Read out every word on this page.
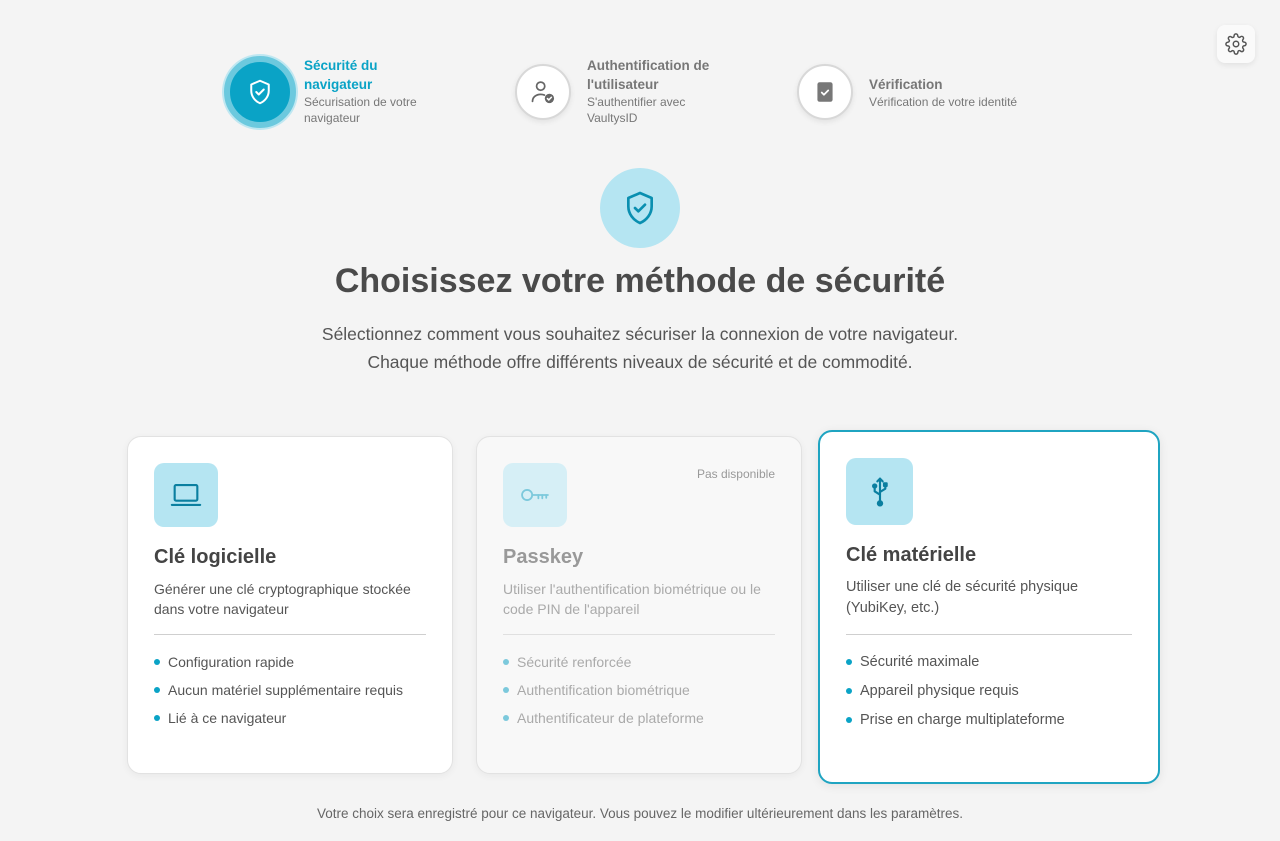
Sécurité du navigateur
Sécurisation de votre navigateur
Authentification de l'utilisateur
S'authentifier avec VaultysID
Vérification
Vérification de votre identité
Choisissez votre méthode de sécurité

Sélectionnez comment vous souhaitez sécuriser la connexion de votre navigateur. Chaque méthode offre différents niveaux de sécurité et de commodité.

Clé logicielle
Générer une clé cryptographique stockée dans votre navigateur
Configuration rapide
Aucun matériel supplémentaire requis
Lié à ce navigateur
Pas disponible
Passkey
Utiliser l'authentification biométrique ou le code PIN de l'appareil
Sécurité renforcée
Authentification biométrique
Authentificateur de plateforme
Clé matérielle
Utiliser une clé de sécurité physique (YubiKey, etc.)
Sécurité maximale
Appareil physique requis
Prise en charge multiplateforme
Votre choix sera enregistré pour ce navigateur. Vous pouvez le modifier ultérieurement dans les paramètres.
